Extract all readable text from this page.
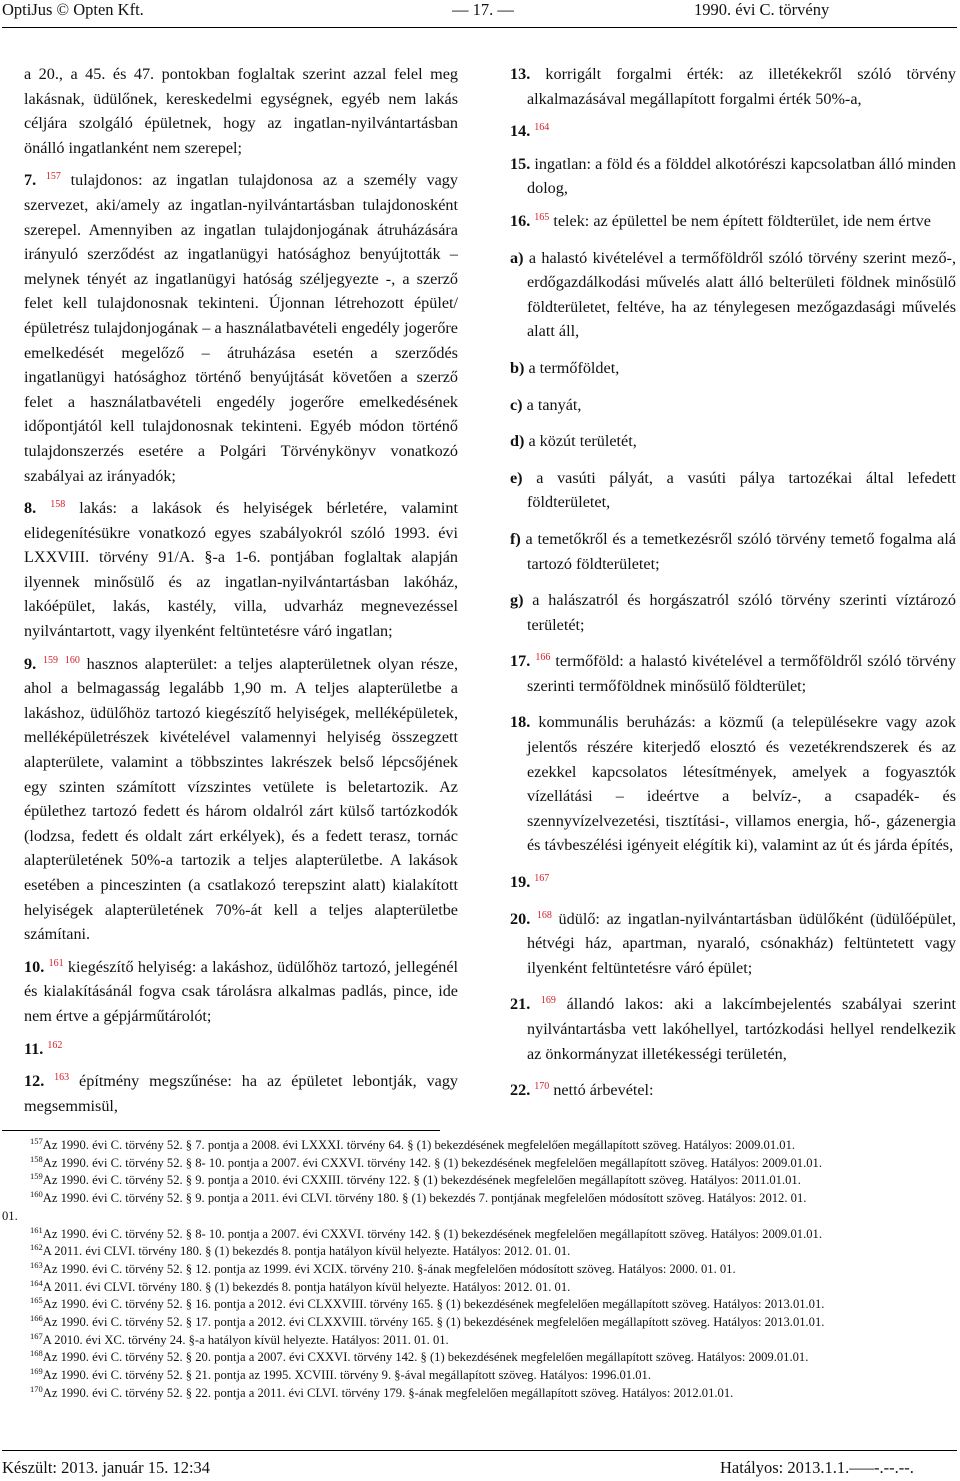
OptiJus © Opten Kft.	— 17. —	1990. évi C. törvény

a 20., a 45. és 47. pontokban foglaltak szerint azzal felel meg lakásnak, üdülőnek, kereskedelmi egységnek, egyéb nem lakás céljára szolgáló épületnek, hogy az ingatlan-nyilvántartásban önálló ingatlanként nem szerepel;

7. $^{157}$ tulajdonos: az ingatlan tulajdonosa az a személy vagy szervezet, aki/amely az ingatlan-nyilvántartásban tulajdonosként szerepel. Amennyiben az ingatlan tulajdonjogának átruházására irányuló szerződést az ingatlanügyi hatósághoz benyújtották – melynek tényét az ingatlanügyi hatóság széljegyezte -, a szerző felet kell tulajdonosnak tekinteni. Újonnan létrehozott épület/épületrész tulajdonjogának – a használatbavételi engedély jogerőre emelkedését megelőző – átruházása esetén a szerződés ingatlanügyi hatósághoz történő benyújtását követően a szerző felet a használatbavételi engedély jogerőre emelkedésének időpontjától kell tulajdonosnak tekinteni. Egyéb módon történő tulajdonszerzés esetére a Polgári Törvénykönyv vonatkozó szabályai az irányadók;

8. $^{158}$ lakás: a lakások és helyiségek bérletére, valamint elidegenítésükre vonatkozó egyes szabályokról szóló 1993. évi LXXVIII. törvény 91/A. §-a 1-6. pontjában foglaltak alapján ilyennek minősülő és az ingatlan-nyilvántartásban lakóház, lakóépület, lakás, kastély, villa, udvarház megnevezéssel nyilvántartott, vagy ilyenként feltüntetésre váró ingatlan;

9. $^{159}$ $^{160}$ hasznos alapterület: a teljes alapterületnek olyan része, ahol a belmagasság legalább 1,90 m. A teljes alapterületbe a lakáshoz, üdülőhöz tartozó kiegészítő helyiségek, melléképületek, melléképületrészek kivételével valamennyi helyiség összegzett alapterülete, valamint a többszintes lakrészek belső lépcsőjének egy szinten számított vízszintes vetülete is beletartozik. Az épülethez tartozó fedett és három oldalról zárt külső tartózkodók (lodzsa, fedett és oldalt zárt erkélyek), és a fedett terasz, tornác alapterületének 50%-a tartozik a teljes alapterületbe. A lakások esetében a pinceszinten (a csatlakozó terepszint alatt) kialakított helyiségek alapterületének 70%-át kell a teljes alapterületbe számítani.

10. $^{161}$ kiegészítő helyiség: a lakáshoz, üdülőhöz tartozó, jellegénél és kialakításánál fogva csak tárolásra alkalmas padlás, pince, ide nem értve a gépjárműtárolót;

11. $^{162}$

12. $^{163}$ építmény megszűnése: ha az épületet lebontják, vagy megsemmisül,

13. korrigált forgalmi érték: az illetékekről szóló törvény alkalmazásával megállapított forgalmi érték 50%-a,

14. $^{164}$

15. ingatlan: a föld és a földdel alkotórészi kapcsolatban álló minden dolog,

16. $^{165}$ telek: az épülettel be nem épített földterület, ide nem értve

a) a halastó kivételével a termőföldről szóló törvény szerint mező-, erdőgazdálkodási művelés alatt álló belterületi földnek minősülő földterületet, feltéve, ha az ténylegesen mezőgazdasági művelés alatt áll,

b) a termőföldet,

c) a tanyát,

d) a közút területét,

e) a vasúti pályát, a vasúti pálya tartozékai által lefedett földterületet,

f) a temetőkről és a temetkezésről szóló törvény temető fogalma alá tartozó földterületet;

g) a halászatról és horgászatról szóló törvény szerinti víztározó területét;

17. $^{166}$ termőföld: a halastó kivételével a termőföldről szóló törvény szerinti termőföldnek minősülő földterület;

18. kommunális beruházás: a közmű (a településekre vagy azok jelentős részére kiterjedő elosztó és vezetékrendszerek és az ezekkel kapcsolatos létesítmények, amelyek a fogyasztók vízellátási – ideértve a belvíz-, a csapadék- és szennyvízelvezetési, tisztítási-, villamos energia, hő-, gázenergia és távbeszélési igényeit elégítik ki), valamint az út és járda építés,

19. $^{167}$

20. $^{168}$ üdülő: az ingatlan-nyilvántartásban üdülőként (üdülőépület, hétvégi ház, apartman, nyaraló, csónakház) feltüntetett vagy ilyenként feltüntetésre váró épület;

21. $^{169}$ állandó lakos: aki a lakcímbejelentés szabályai szerint nyilvántartásba vett lakóhellyel, tartózkodási hellyel rendelkezik az önkormányzat illetékességi területén,

22. $^{170}$ nettó árbevétel:

$^{157}$Az 1990. évi C. törvény 52. § 7. pontja a 2008. évi LXXXI. törvény 64. § (1) bekezdésének megfelelően megállapított szöveg. Hatályos: 2009.01.01.
$^{158}$Az 1990. évi C. törvény 52. § 8- 10. pontja a 2007. évi CXXVI. törvény 142. § (1) bekezdésének megfelelően megállapított szöveg. Hatályos: 2009.01.01.
$^{159}$Az 1990. évi C. törvény 52. § 9. pontja a 2010. évi CXXIII. törvény 122. § (1) bekezdésének megfelelően megállapított szöveg. Hatályos: 2011.01.01.
$^{160}$Az 1990. évi C. törvény 52. § 9. pontja a 2011. évi CLVI. törvény 180. § (1) bekezdés 7. pontjának megfelelően módosított szöveg. Hatályos: 2012. 01.
01.
$^{161}$Az 1990. évi C. törvény 52. § 8- 10. pontja a 2007. évi CXXVI. törvény 142. § (1) bekezdésének megfelelően megállapított szöveg. Hatályos: 2009.01.01.
$^{162}$A 2011. évi CLVI. törvény 180. § (1) bekezdés 8. pontja hatályon kívül helyezte. Hatályos: 2012. 01. 01.
$^{163}$Az 1990. évi C. törvény 52. § 12. pontja az 1999. évi XCIX. törvény 210. §-ának megfelelően módosított szöveg. Hatályos: 2000. 01. 01.
$^{164}$A 2011. évi CLVI. törvény 180. § (1) bekezdés 8. pontja hatályon kívül helyezte. Hatályos: 2012. 01. 01.
$^{165}$Az 1990. évi C. törvény 52. § 16. pontja a 2012. évi CLXXVIII. törvény 165. § (1) bekezdésének megfelelően megállapított szöveg. Hatályos: 2013.01.01.
$^{166}$Az 1990. évi C. törvény 52. § 17. pontja a 2012. évi CLXXVIII. törvény 165. § (1) bekezdésének megfelelően megállapított szöveg. Hatályos: 2013.01.01.
$^{167}$A 2010. évi XC. törvény 24. §-a hatályon kívül helyezte. Hatályos: 2011. 01. 01.
$^{168}$Az 1990. évi C. törvény 52. § 20. pontja a 2007. évi CXXVI. törvény 142. § (1) bekezdésének megfelelően megállapított szöveg. Hatályos: 2009.01.01.
$^{169}$Az 1990. évi C. törvény 52. § 21. pontja az 1995. XCVIII. törvény 9. §-ával megállapított szöveg. Hatályos: 1996.01.01.
$^{170}$Az 1990. évi C. törvény 52. § 22. pontja a 2011. évi CLVI. törvény 179. §-ának megfelelően megállapított szöveg. Hatályos: 2012.01.01.
Készült: 2013. január 15. 12:34	Hatályos: 2013.1.1.–––-.--.--.
